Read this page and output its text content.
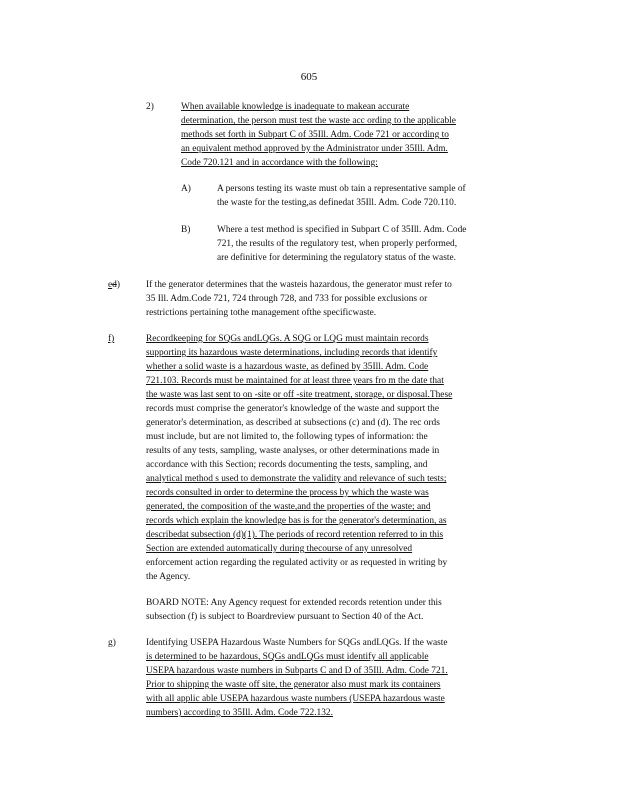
605
2)	When available knowledge is inadequate to makean accurate
determination, the person must test the waste acc ording to the applicable
methods set forth in Subpart C of 35Ill. Adm. Code 721 or according to
an equivalent method approved by the Administrator under 35Ill. Adm.
Code 720.121 and in accordance with the following:
A)	A persons testing its waste must ob tain a representative sample of
the waste for the testing,as definedat 35Ill. Adm. Code 720.110.
B)	Where a test method is specified in Subpart C of 35Ill. Adm. Code
721, the results of the regulatory test, when properly performed,
are definitive for determining the regulatory status of the waste.
ed)	If the generator determines that the wasteis hazardous, the generator must refer to
35 Ill. Adm.Code 721, 724 through 728, and 733 for possible exclusions or
restrictions pertaining tothe management ofthe specificwaste.
f)	Recordkeeping for SQGs andLQGs. A SQG or LQG must maintain records
supporting its hazardous waste determinations, including records that identify
whether a solid waste is a hazardous waste, as defined by 35Ill. Adm. Code
721.103. Records must be maintained for at least three years fro m the date that
the waste was last sent to on -site or off -site treatment, storage, or disposal.These
records must comprise the generator's knowledge of the waste and support the
generator's determination, as described at subsections (c) and (d). The rec ords
must include, but are not limited to, the following types of information: the
results of any tests, sampling, waste analyses, or other determinations made in
accordance with this Section; records documenting the tests, sampling, and
analytical method s used to demonstrate the validity and relevance of such tests;
records consulted in order to determine the process by which the waste was
generated, the composition of the waste,and the properties of the waste; and
records which explain the knowledge bas is for the generator's determination, as
describedat subsection (d)(1). The periods of record retention referred to in this
Section are extended automatically during thecourse of any unresolved
enforcement action regarding the regulated activity or as requested in writing by
the Agency.
BOARD NOTE: Any Agency request for extended records retention under this
subsection (f) is subject to Boardreview pursuant to Section 40 of the Act.
g)	Identifying USEPA Hazardous Waste Numbers for SQGs andLQGs. If the waste
is determined to be hazardous, SQGs andLQGs must identify all applicable
USEPA hazardous waste numbers in Subparts C and D of 35Ill. Adm. Code 721.
Prior to shipping the waste off site, the generator also must mark its containers
with all applic able USEPA hazardous waste numbers (USEPA hazardous waste
numbers) according to 35Ill. Adm. Code 722.132.
